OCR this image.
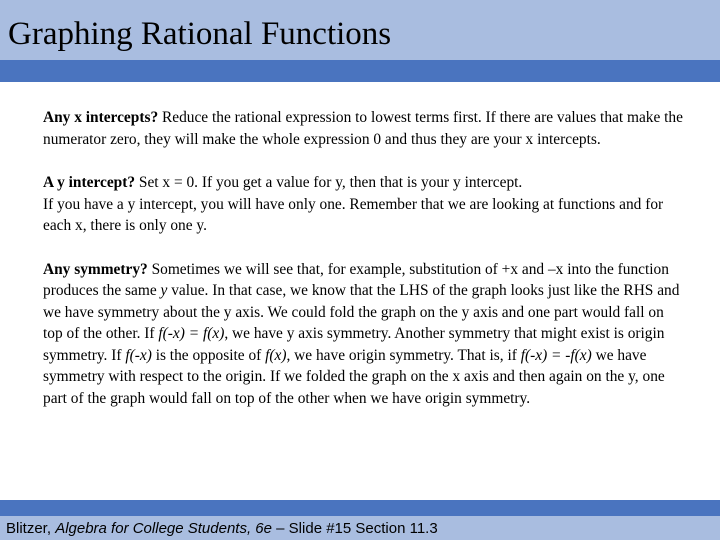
Graphing Rational Functions

Any x intercepts? Reduce the rational expression to lowest terms first. If there are values that make the numerator zero, they will make the whole expression 0 and thus they are your x intercepts.

A y intercept? Set x = 0. If you get a value for y, then that is your y intercept.

If you have a y intercept, you will have only one. Remember that we are looking at functions and for each x, there is only one y.

Any symmetry? Sometimes we will see that, for example, substitution of +x and –x into the function produces the same y value. In that case, we know that the LHS of the graph looks just like the RHS and we have symmetry about the y axis. We could fold the graph on the y axis and one part would fall on top of the other. If f(-x) = f(x), we have y axis symmetry. Another symmetry that might exist is origin symmetry. If f(-x) is the opposite of f(x), we have origin symmetry. That is, if f(-x) = -f(x) we have symmetry with respect to the origin. If we folded the graph on the x axis and then again on the y, one part of the graph would fall on top of the other when we have origin symmetry.

Blitzer, Algebra for College Students, 6e – Slide #15 Section 11.3
